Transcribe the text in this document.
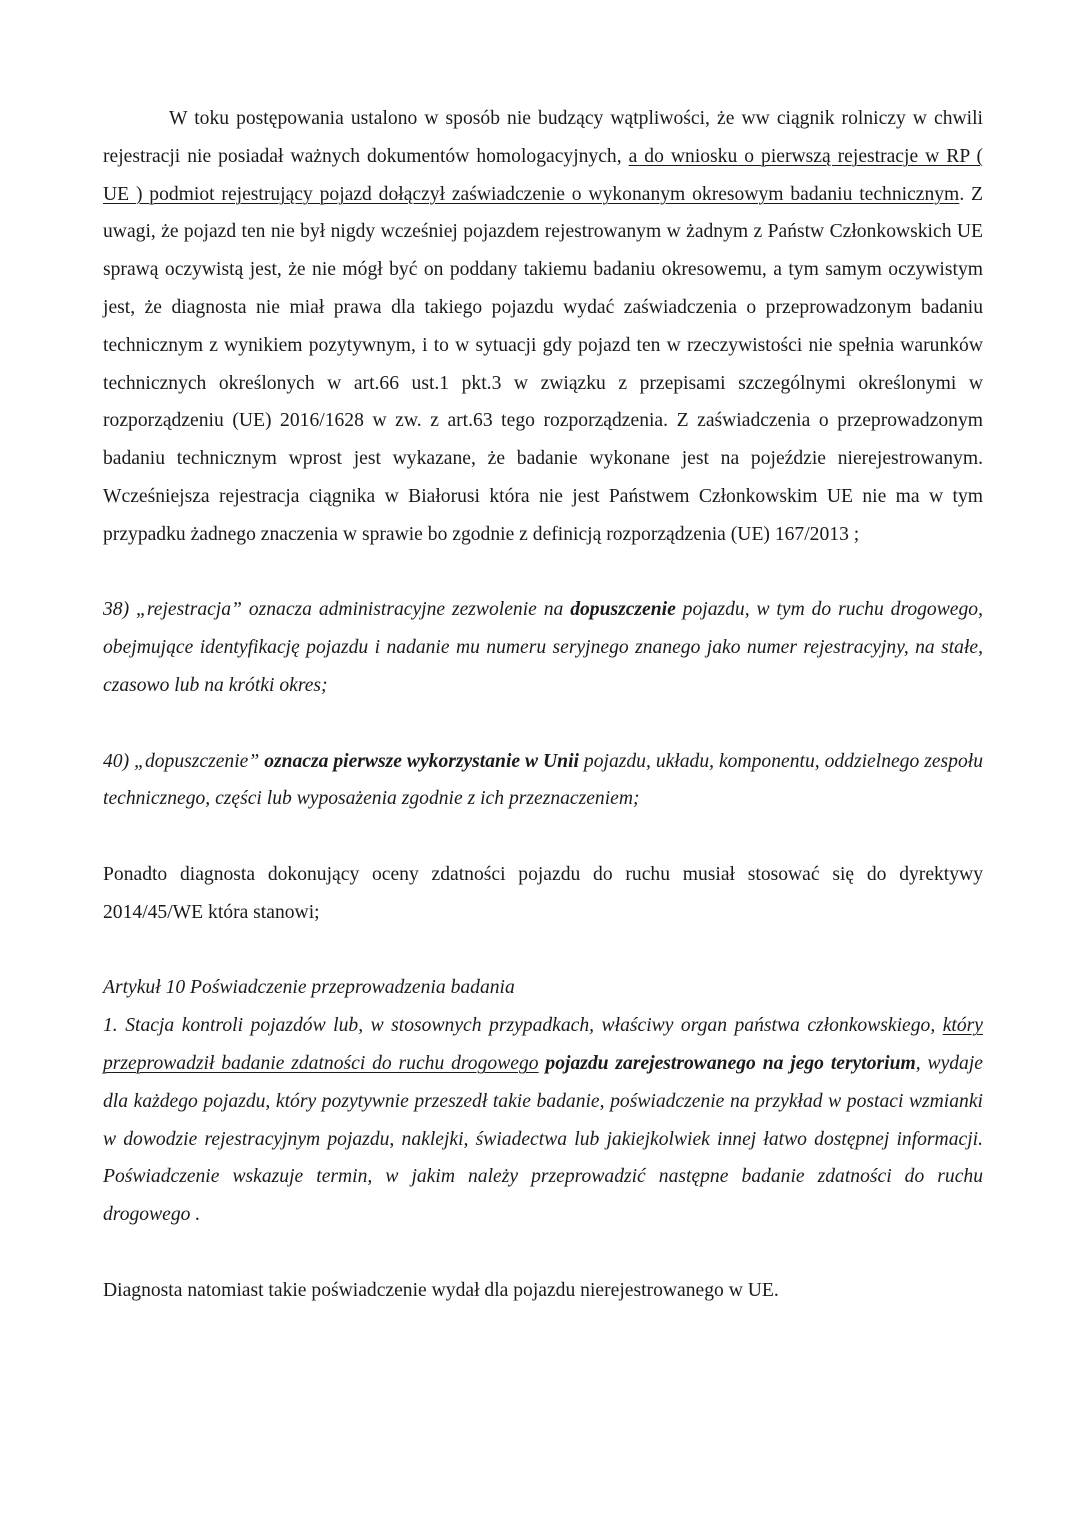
W toku postępowania ustalono w sposób nie budzący wątpliwości, że ww ciągnik rolniczy w chwili rejestracji nie posiadał ważnych dokumentów homologacyjnych, a do wniosku o pierwszą rejestracje w RP ( UE ) podmiot rejestrujący pojazd dołączył zaświadczenie o wykonanym okresowym badaniu technicznym. Z uwagi, że pojazd ten nie był nigdy wcześniej pojazdem rejestrowanym w żadnym z Państw Członkowskich UE sprawą oczywistą jest, że nie mógł być on poddany takiemu badaniu okresowemu, a tym samym oczywistym jest, że diagnosta nie miał prawa dla takiego pojazdu wydać zaświadczenia o przeprowadzonym badaniu technicznym z wynikiem pozytywnym, i to w sytuacji gdy pojazd ten w rzeczywistości nie spełnia warunków technicznych określonych w art.66 ust.1 pkt.3 w związku z przepisami szczególnymi określonymi w rozporządzeniu (UE) 2016/1628 w zw. z art.63 tego rozporządzenia. Z zaświadczenia o przeprowadzonym badaniu technicznym wprost jest wykazane, że badanie wykonane jest na pojeździe nierejestrowanym. Wcześniejsza rejestracja ciągnika w Białorusi która nie jest Państwem Członkowskim UE nie ma w tym przypadku żadnego znaczenia w sprawie bo zgodnie z definicją rozporządzenia (UE) 167/2013 ;

38) „rejestracja” oznacza administracyjne zezwolenie na dopuszczenie pojazdu, w tym do ruchu drogowego, obejmujące identyfikację pojazdu i nadanie mu numeru seryjnego znanego jako numer rejestracyjny, na stałe, czasowo lub na krótki okres;

40) „dopuszczenie” oznacza pierwsze wykorzystanie w Unii pojazdu, układu, komponentu, oddzielnego zespołu technicznego, części lub wyposażenia zgodnie z ich przeznaczeniem;

Ponadto diagnosta dokonujący oceny zdatności pojazdu do ruchu musiał stosować się do dyrektywy 2014/45/WE która stanowi;

Artykuł 10 Poświadczenie przeprowadzenia badania

1. Stacja kontroli pojazdów lub, w stosownych przypadkach, właściwy organ państwa członkowskiego, który przeprowadził badanie zdatności do ruchu drogowego pojazdu zarejestrowanego na jego terytorium, wydaje dla każdego pojazdu, który pozytywnie przeszedł takie badanie, poświadczenie na przykład w postaci wzmianki w dowodzie rejestracyjnym pojazdu, naklejki, świadectwa lub jakiejkolwiek innej łatwo dostępnej informacji. Poświadczenie wskazuje termin, w jakim należy przeprowadzić następne badanie zdatności do ruchu drogowego .

Diagnosta natomiast takie poświadczenie wydał dla pojazdu nierejestrowanego w UE.
